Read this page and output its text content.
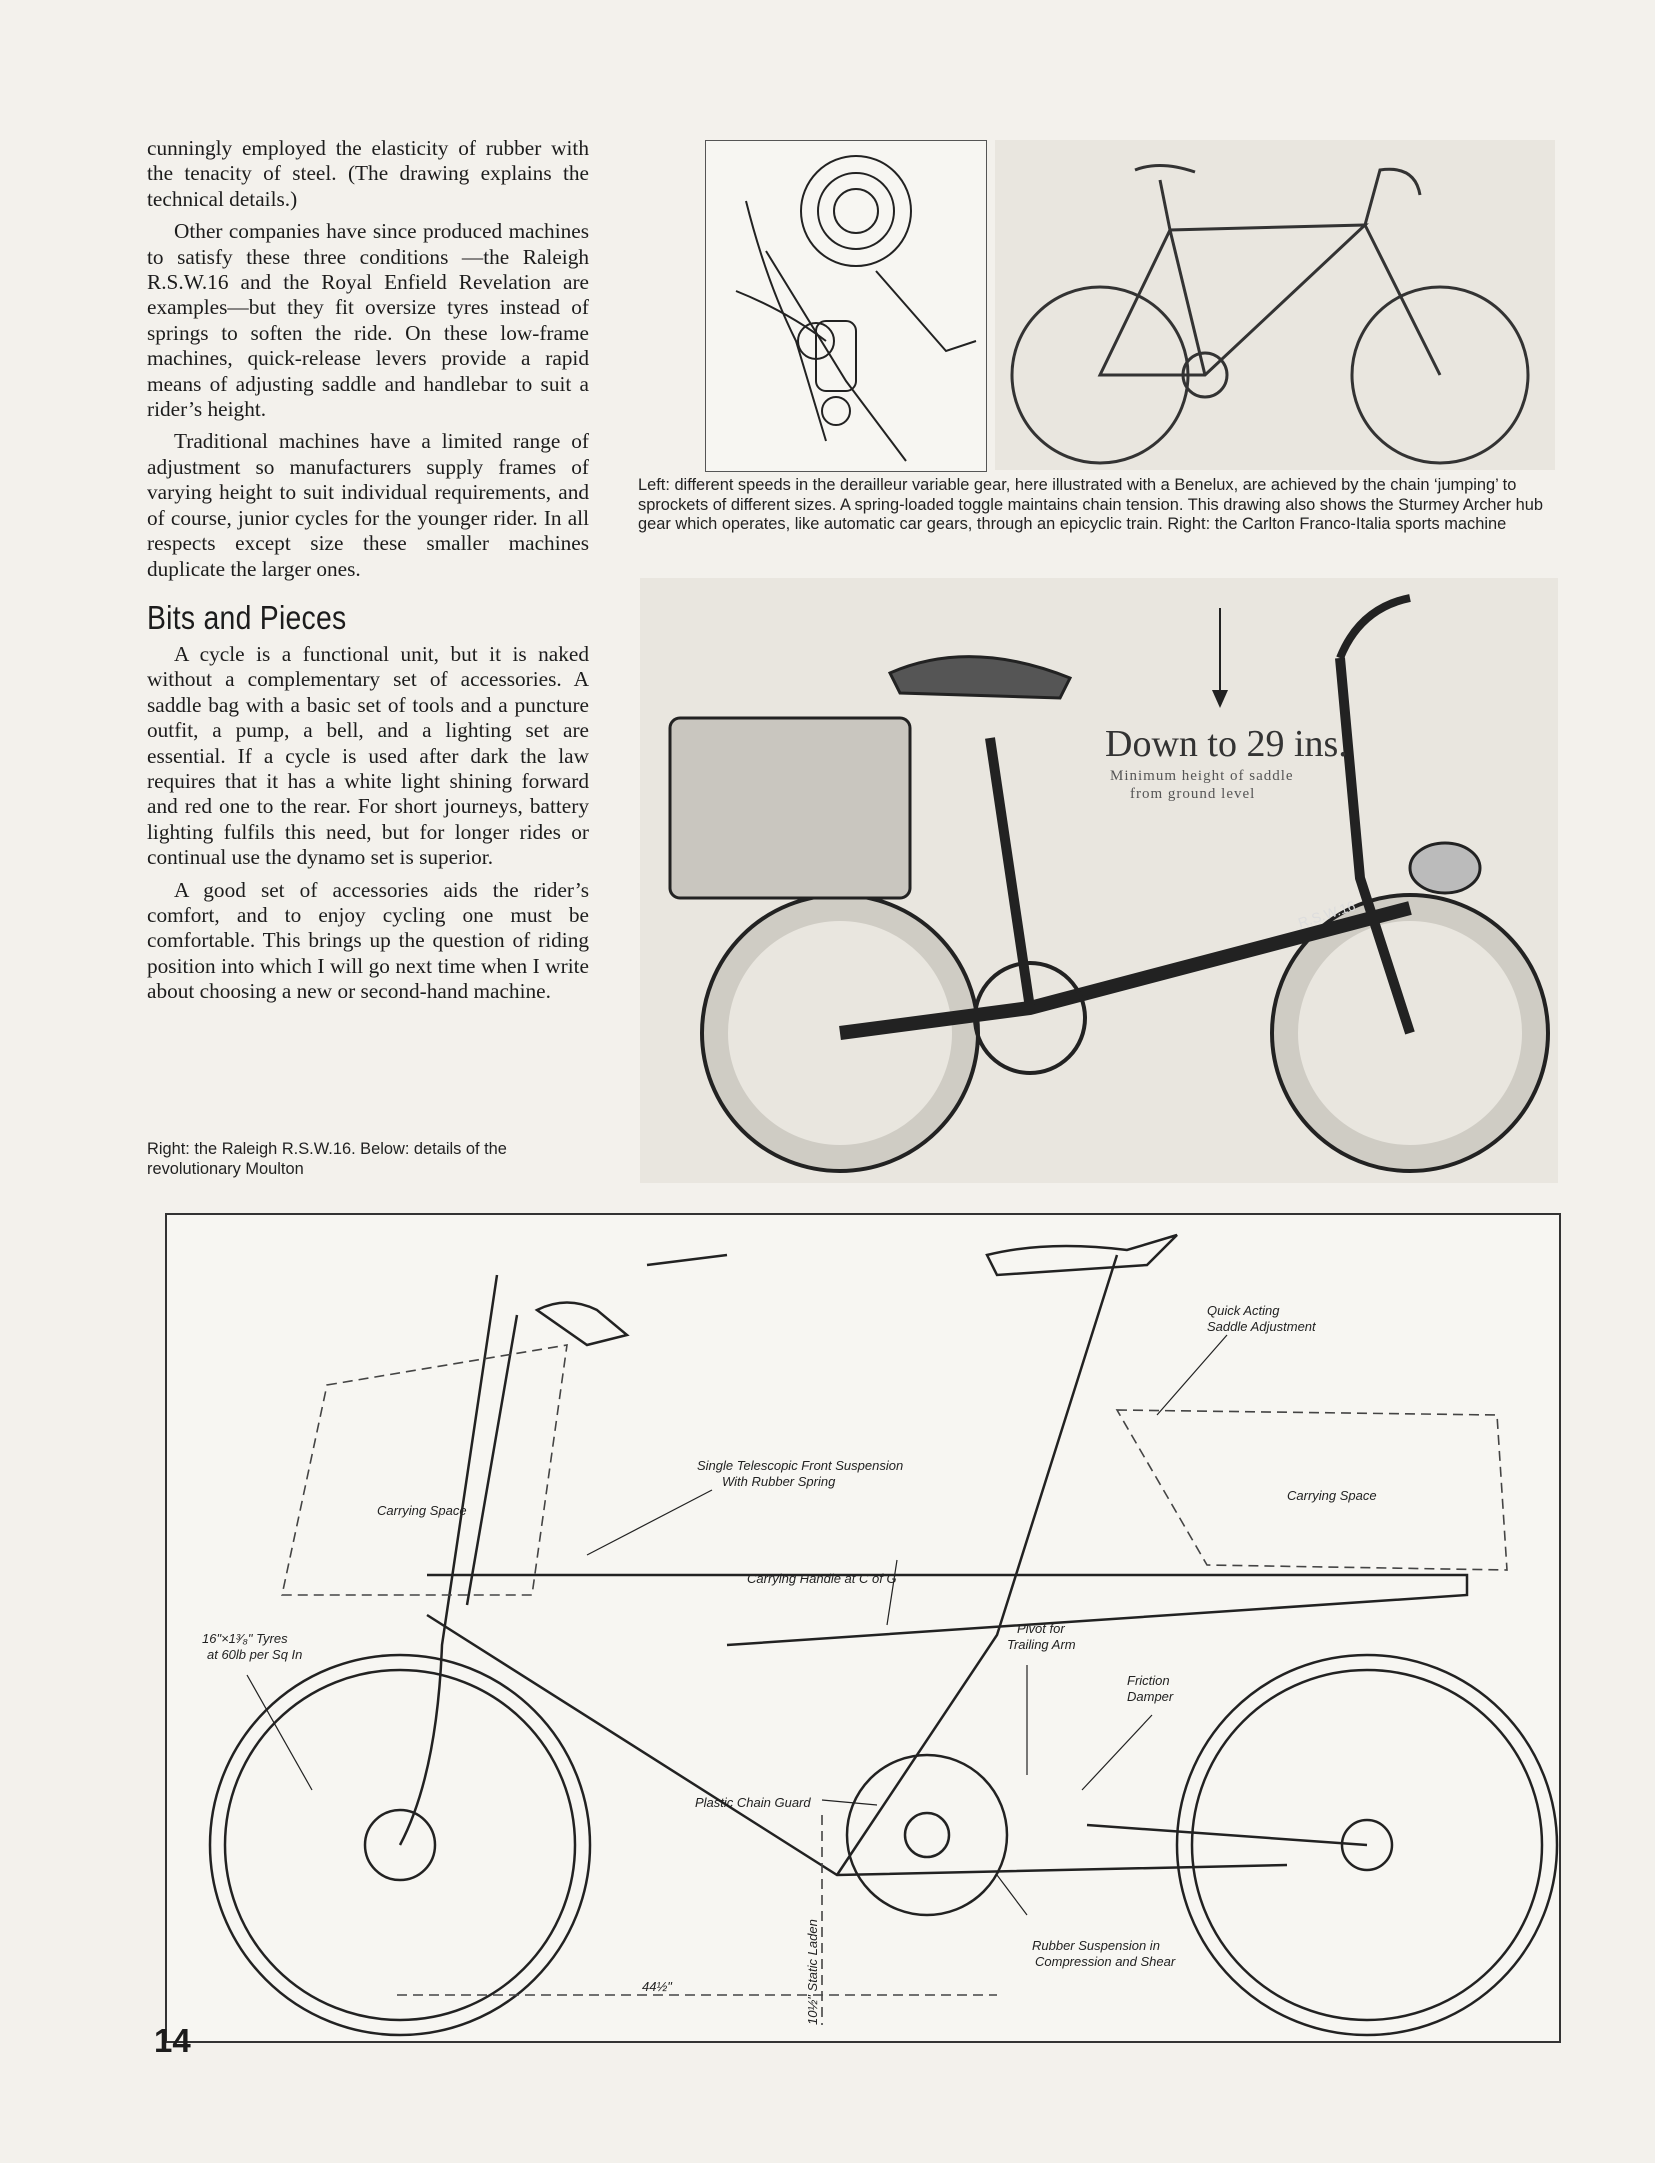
cunningly employed the elasticity of rubber with the tenacity of steel. (The drawing explains the technical details.)

Other companies have since produced machines to satisfy these three conditions —the Raleigh R.S.W.16 and the Royal Enfield Revelation are examples—but they fit oversize tyres instead of springs to soften the ride. On these low-frame machines, quick-release levers provide a rapid means of adjusting saddle and handlebar to suit a rider’s height.

Traditional machines have a limited range of adjustment so manufacturers supply frames of varying height to suit individual requirements, and of course, junior cycles for the younger rider. In all respects except size these smaller machines duplicate the larger ones.

Bits and Pieces

A cycle is a functional unit, but it is naked without a complementary set of accessories. A saddle bag with a basic set of tools and a puncture outfit, a pump, a bell, and a lighting set are essential. If a cycle is used after dark the law requires that it has a white light shining forward and red one to the rear. For short journeys, battery lighting fulfils this need, but for longer rides or continual use the dynamo set is superior.

A good set of accessories aids the rider’s comfort, and to enjoy cycling one must be comfortable. This brings up the question of riding position into which I will go next time when I write about choosing a new or second-hand machine.

Right: the Raleigh R.S.W.16. Below: details of the revolutionary Moulton
Left: different speeds in the derailleur variable gear, here illustrated with a Benelux, are achieved by the chain ‘jumping’ to sprockets of different sizes. A spring-loaded toggle maintains chain tension. This drawing also shows the Sturmey Archer hub gear which operates, like automatic car gears, through an epicyclic train. Right: the Carlton Franco-Italia sports machine
Down to 29 ins.
Minimum height of saddle
from ground level
R.S.W.16
Quick Acting
Saddle Adjustment
Single Telescopic Front Suspension
With Rubber Spring
Carrying Space
Carrying Space
Carrying Handle at C of G
16"×1³⁄₈" Tyres
at 60lb per Sq In
Pivot for
Trailing Arm
Friction
Damper
Plastic Chain Guard
10½" Static Laden	Rubber Suspension in
Compression and Shear
44½"
14
